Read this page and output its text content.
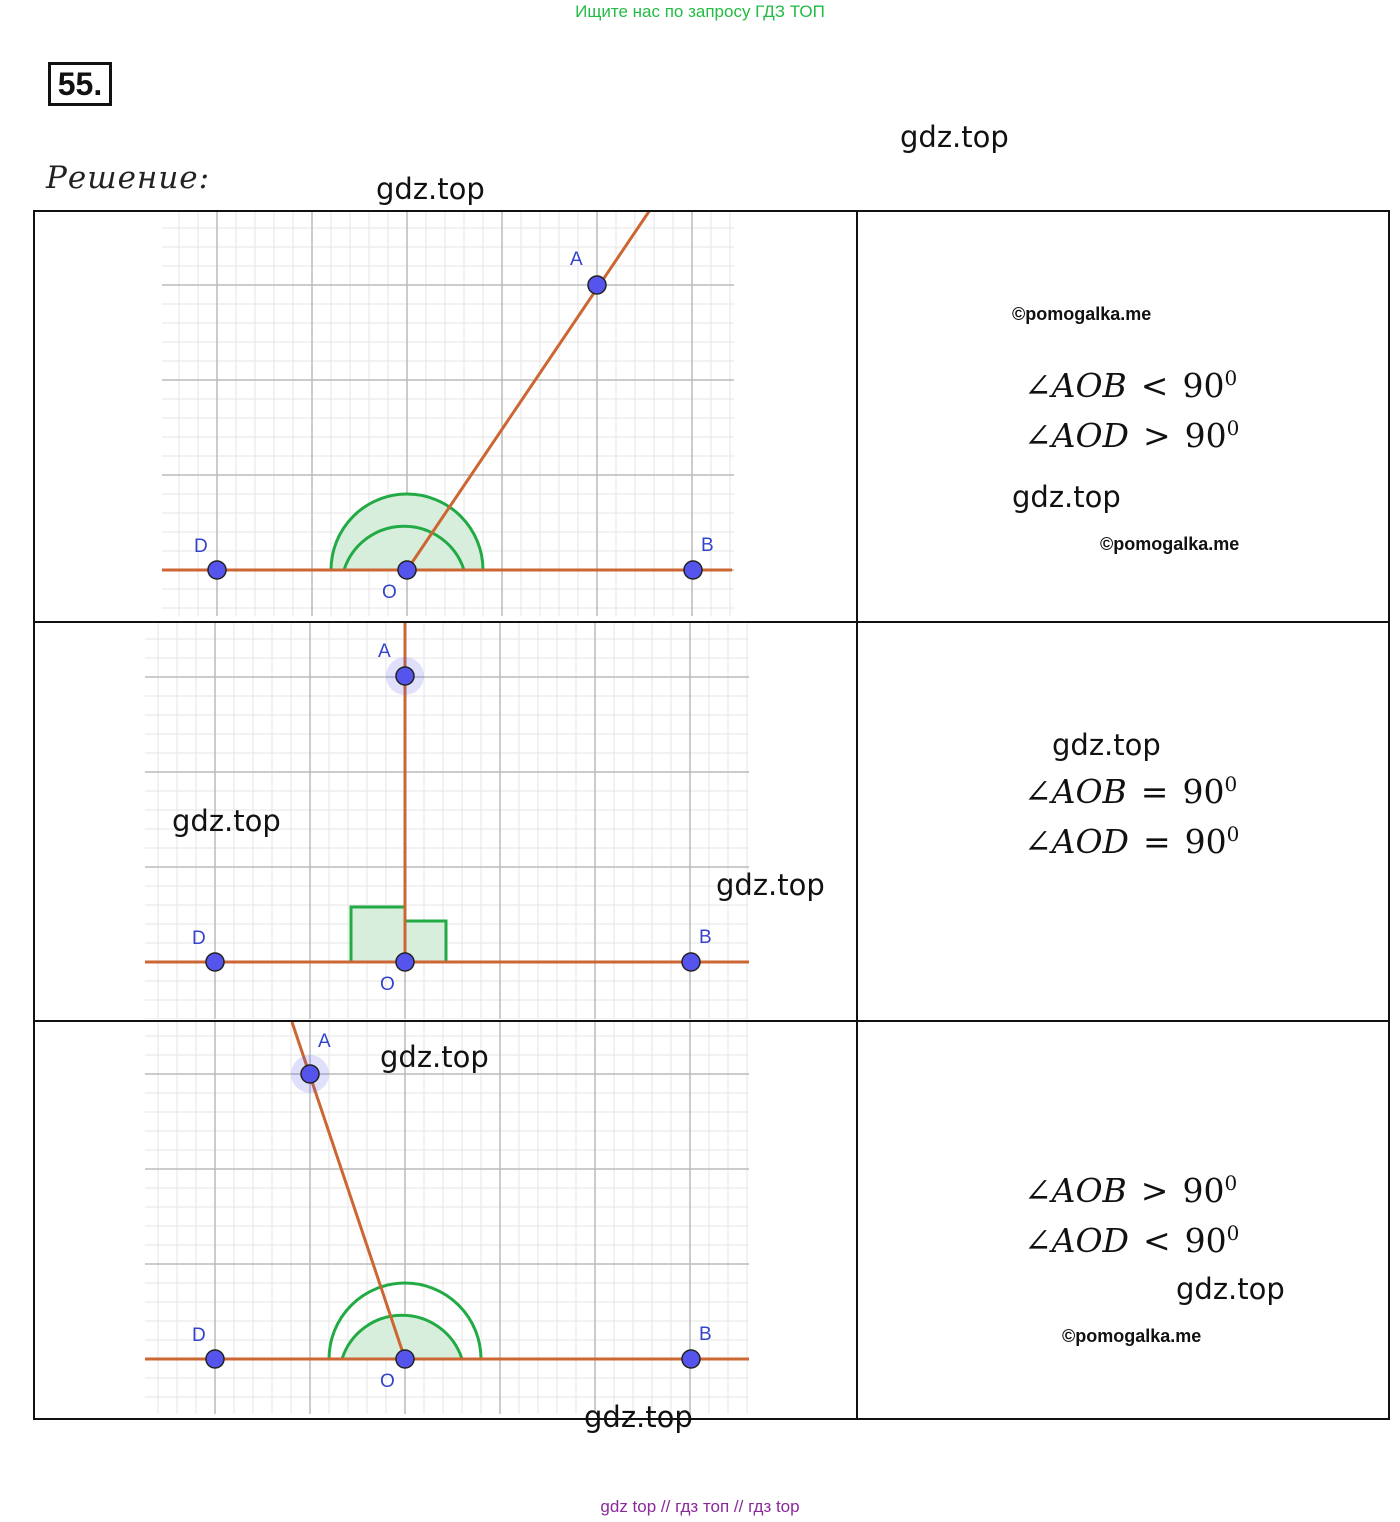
Ищите нас по запросу ГДЗ ТОП
55.
Решение:
D
O
B
A
D
O
B
A
D
O
B
A
∠AOB < $90^0$
∠AOD > $90^0$
∠AOB = $90^0$
∠AOD = $90^0$
∠AOB > $90^0$
∠AOD < $90^0$
gdz.top
gdz.top
gdz.top
gdz.top
gdz.top
gdz.top
gdz.top
gdz.top
gdz.top
©pomogalka.me
©pomogalka.me
©pomogalka.me
gdz top // гдз топ // гдз top
